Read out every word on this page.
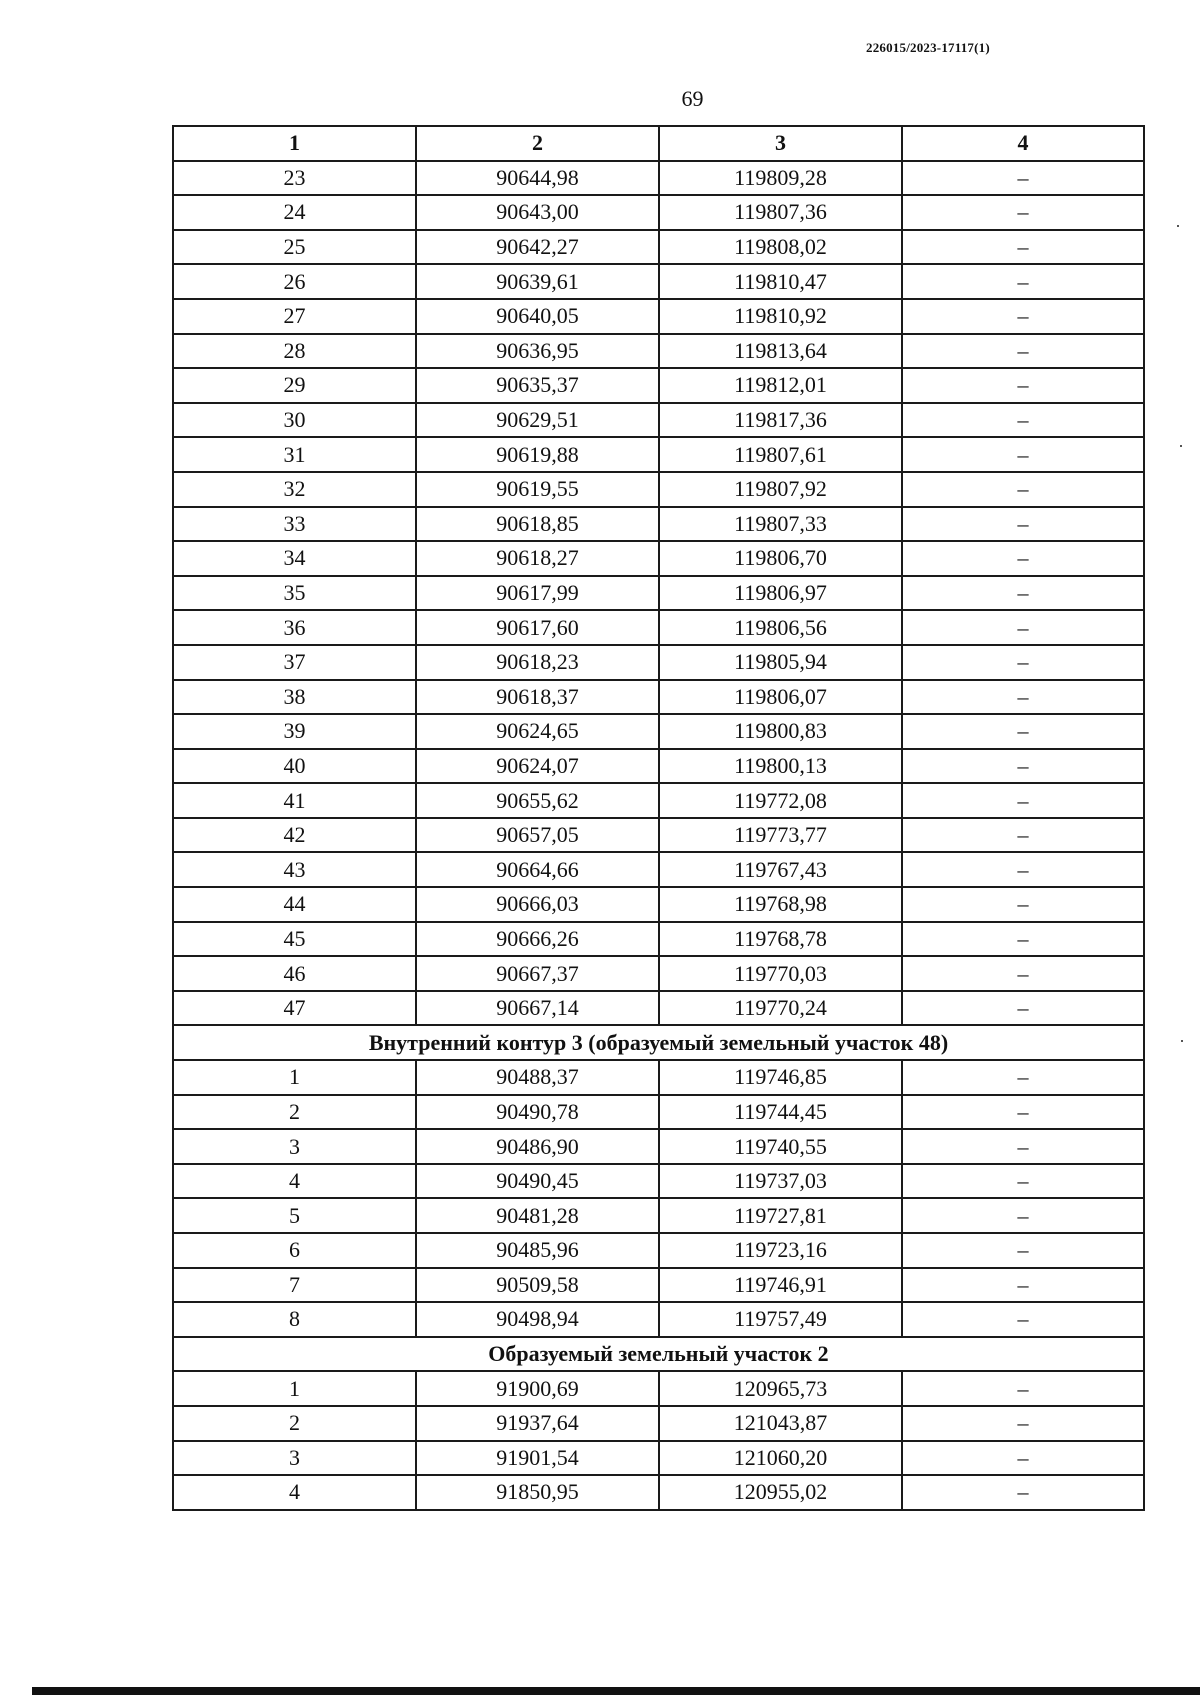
226015/2023-17117(1)
69
1	2	3	4
23	90644,98	119809,28	–
24	90643,00	119807,36	–
25	90642,27	119808,02	–
26	90639,61	119810,47	–
27	90640,05	119810,92	–
28	90636,95	119813,64	–
29	90635,37	119812,01	–
30	90629,51	119817,36	–
31	90619,88	119807,61	–
32	90619,55	119807,92	–
33	90618,85	119807,33	–
34	90618,27	119806,70	–
35	90617,99	119806,97	–
36	90617,60	119806,56	–
37	90618,23	119805,94	–
38	90618,37	119806,07	–
39	90624,65	119800,83	–
40	90624,07	119800,13	–
41	90655,62	119772,08	–
42	90657,05	119773,77	–
43	90664,66	119767,43	–
44	90666,03	119768,98	–
45	90666,26	119768,78	–
46	90667,37	119770,03	–
47	90667,14	119770,24	–
Внутренний контур 3 (образуемый земельный участок 48)			
1	90488,37	119746,85	–
2	90490,78	119744,45	–
3	90486,90	119740,55	–
4	90490,45	119737,03	–
5	90481,28	119727,81	–
6	90485,96	119723,16	–
7	90509,58	119746,91	–
8	90498,94	119757,49	–
Образуемый земельный участок 2			
1	91900,69	120965,73	–
2	91937,64	121043,87	–
3	91901,54	121060,20	–
4	91850,95	120955,02	–
